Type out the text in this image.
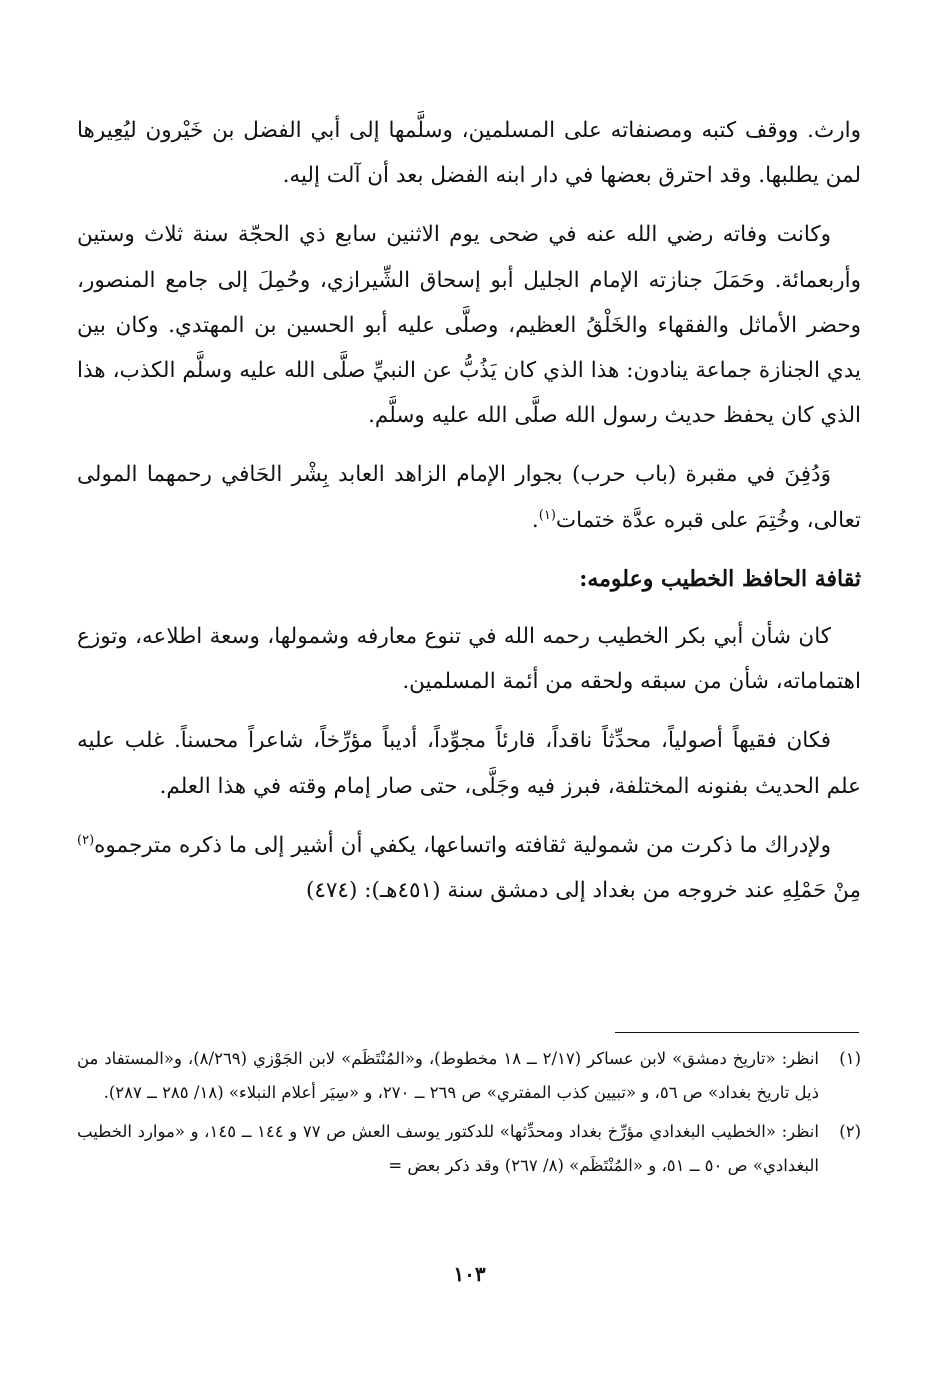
وارث. ووقف كتبه ومصنفاته على المسلمين، وسلَّمها إلى أبي الفضل بن خَيْرون ليُعِيرها لمن يطلبها. وقد احترق بعضها في دار ابنه الفضل بعد أن آلت إليه.

وكانت وفاته رضي الله عنه في ضحى يوم الاثنين سابع ذي الحجّة سنة ثلاث وستين وأربعمائة. وحَمَلَ جنازته الإمام الجليل أبو إسحاق الشِّيرازي، وحُمِلَ إلى جامع المنصور، وحضر الأماثل والفقهاء والخَلْقُ العظيم، وصلَّى عليه أبو الحسين بن المهتدي. وكان بين يدي الجنازة جماعة ينادون: هذا الذي كان يَذُبُّ عن النبيِّ صلَّى الله عليه وسلَّم الكذب، هذا الذي كان يحفظ حديث رسول الله صلَّى الله عليه وسلَّم.

وَدُفِنَ في مقبرة (باب حرب) بجوار الإمام الزاهد العابد بِشْر الحَافي رحمهما المولى تعالى، وخُتِمَ على قبره عدَّة ختمات$^{(١)}$.

ثقافة الحافظ الخطيب وعلومه:

كان شأن أبي بكر الخطيب رحمه الله في تنوع معارفه وشمولها، وسعة اطلاعه، وتوزع اهتماماته، شأن من سبقه ولحقه من أئمة المسلمين.

فكان فقيهاً أصولياً، محدِّثاً ناقداً، قارئاً مجوِّداً، أديباً مؤرِّخاً، شاعراً محسناً. غلب عليه علم الحديث بفنونه المختلفة، فبرز فيه وجَلَّى، حتى صار إمام وقته في هذا العلم.

ولإدراك ما ذكرت من شمولية ثقافته واتساعها، يكفي أن أشير إلى ما ذكره مترجموه$^{(٢)}$ مِنْ حَمْلِهِ عند خروجه من بغداد إلى دمشق سنة (٤٥١هـ): (٤٧٤)

(١)
انظر: «تاريخ دمشق» لابن عساكر (٢/١٧ ــ ١٨ مخطوط)، و«المُنْتَظَم» لابن الجَوْزي (٨/٢٦٩)، و«المستفاد من ذيل تاريخ بغداد» ص ٥٦، و «تبيين كذب المفتري» ص ٢٦٩ ــ ٢٧٠، و «سِيَر أعلام النبلاء» (١٨/ ٢٨٥ ــ ٢٨٧).
(٢)
انظر: «الخطيب البغدادي مؤرِّخ بغداد ومحدِّثها» للدكتور يوسف العش ص ٧٧ و ١٤٤ ــ ١٤٥، و «موارد الخطيب البغدادي» ص ٥٠ ــ ٥١، و «المُنْتَظَم» (٨/ ٢٦٧) وقد ذكر بعض =
١٠٣
